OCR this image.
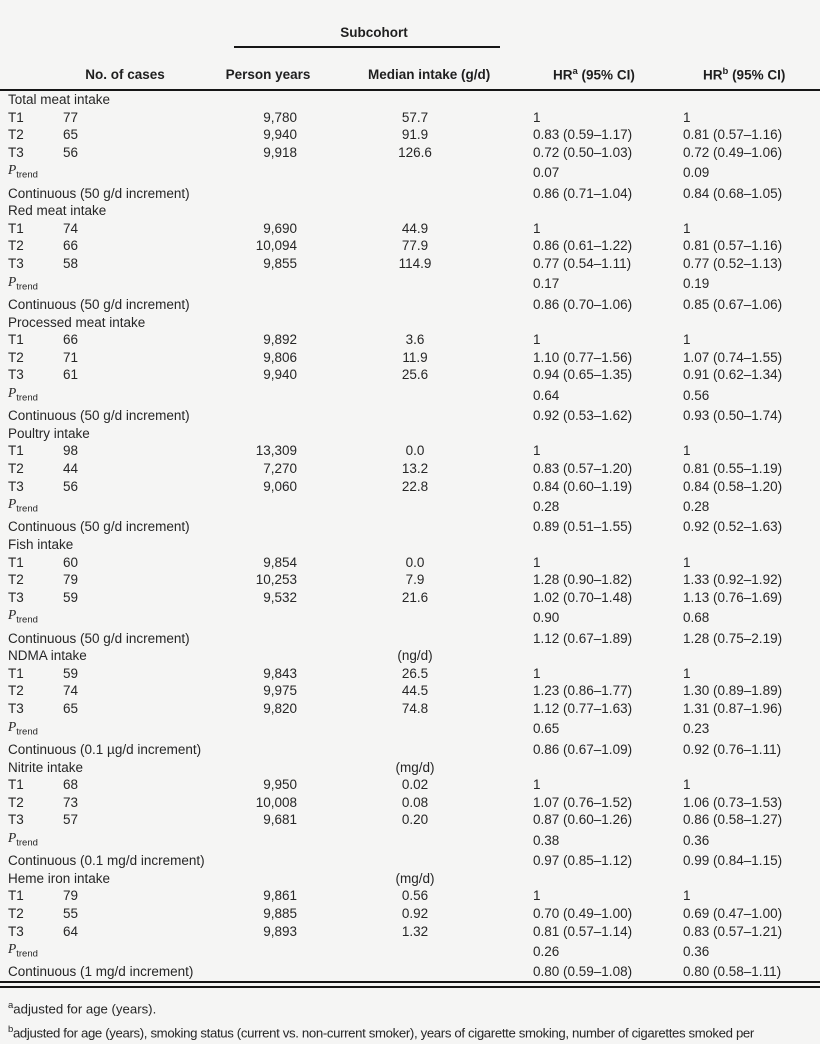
		Subcohort			

	No. of cases	Person years	Median intake (g/d)	$HR^a$ (95% CI)	$HR^b$ (95% CI)
Total meat intake					
T1	77	9,780	57.7	1	1
T2	65	9,940	91.9	0.83 (0.59–1.17)	0.81 (0.57–1.16)
T3	56	9,918	126.6	0.72 (0.50–1.03)	0.72 (0.49–1.06)
$P_{trend}$				0.07	0.09
Continuous (50 g/d increment)				0.86 (0.71–1.04)	0.84 (0.68–1.05)
Red meat intake					
T1	74	9,690	44.9	1	1
T2	66	10,094	77.9	0.86 (0.61–1.22)	0.81 (0.57–1.16)
T3	58	9,855	114.9	0.77 (0.54–1.11)	0.77 (0.52–1.13)
$P_{trend}$				0.17	0.19
Continuous (50 g/d increment)				0.86 (0.70–1.06)	0.85 (0.67–1.06)
Processed meat intake					
T1	66	9,892	3.6	1	1
T2	71	9,806	11.9	1.10 (0.77–1.56)	1.07 (0.74–1.55)
T3	61	9,940	25.6	0.94 (0.65–1.35)	0.91 (0.62–1.34)
$P_{trend}$				0.64	0.56
Continuous (50 g/d increment)				0.92 (0.53–1.62)	0.93 (0.50–1.74)
Poultry intake					
T1	98	13,309	0.0	1	1
T2	44	7,270	13.2	0.83 (0.57–1.20)	0.81 (0.55–1.19)
T3	56	9,060	22.8	0.84 (0.60–1.19)	0.84 (0.58–1.20)
$P_{trend}$				0.28	0.28
Continuous (50 g/d increment)				0.89 (0.51–1.55)	0.92 (0.52–1.63)
Fish intake					
T1	60	9,854	0.0	1	1
T2	79	10,253	7.9	1.28 (0.90–1.82)	1.33 (0.92–1.92)
T3	59	9,532	21.6	1.02 (0.70–1.48)	1.13 (0.76–1.69)
$P_{trend}$				0.90	0.68
Continuous (50 g/d increment)				1.12 (0.67–1.89)	1.28 (0.75–2.19)
NDMA intake			(ng/d)		
T1	59	9,843	26.5	1	1
T2	74	9,975	44.5	1.23 (0.86–1.77)	1.30 (0.89–1.89)
T3	65	9,820	74.8	1.12 (0.77–1.63)	1.31 (0.87–1.96)
$P_{trend}$				0.65	0.23
Continuous (0.1 µg/d increment)				0.86 (0.67–1.09)	0.92 (0.76–1.11)
Nitrite intake			(mg/d)		
T1	68	9,950	0.02	1	1
T2	73	10,008	0.08	1.07 (0.76–1.52)	1.06 (0.73–1.53)
T3	57	9,681	0.20	0.87 (0.60–1.26)	0.86 (0.58–1.27)
$P_{trend}$				0.38	0.36
Continuous (0.1 mg/d increment)				0.97 (0.85–1.12)	0.99 (0.84–1.15)
Heme iron intake			(mg/d)		
T1	79	9,861	0.56	1	1
T2	55	9,885	0.92	0.70 (0.49–1.00)	0.69 (0.47–1.00)
T3	64	9,893	1.32	0.81 (0.57–1.14)	0.83 (0.57–1.21)
$P_{trend}$				0.26	0.36
Continuous (1 mg/d increment)				0.80 (0.59–1.08)	0.80 (0.58–1.11)
$^a$adjusted for age (years).
$^b$adjusted for age (years), smoking status (current vs. non-current smoker), years of cigarette smoking, number of cigarettes smoked per
